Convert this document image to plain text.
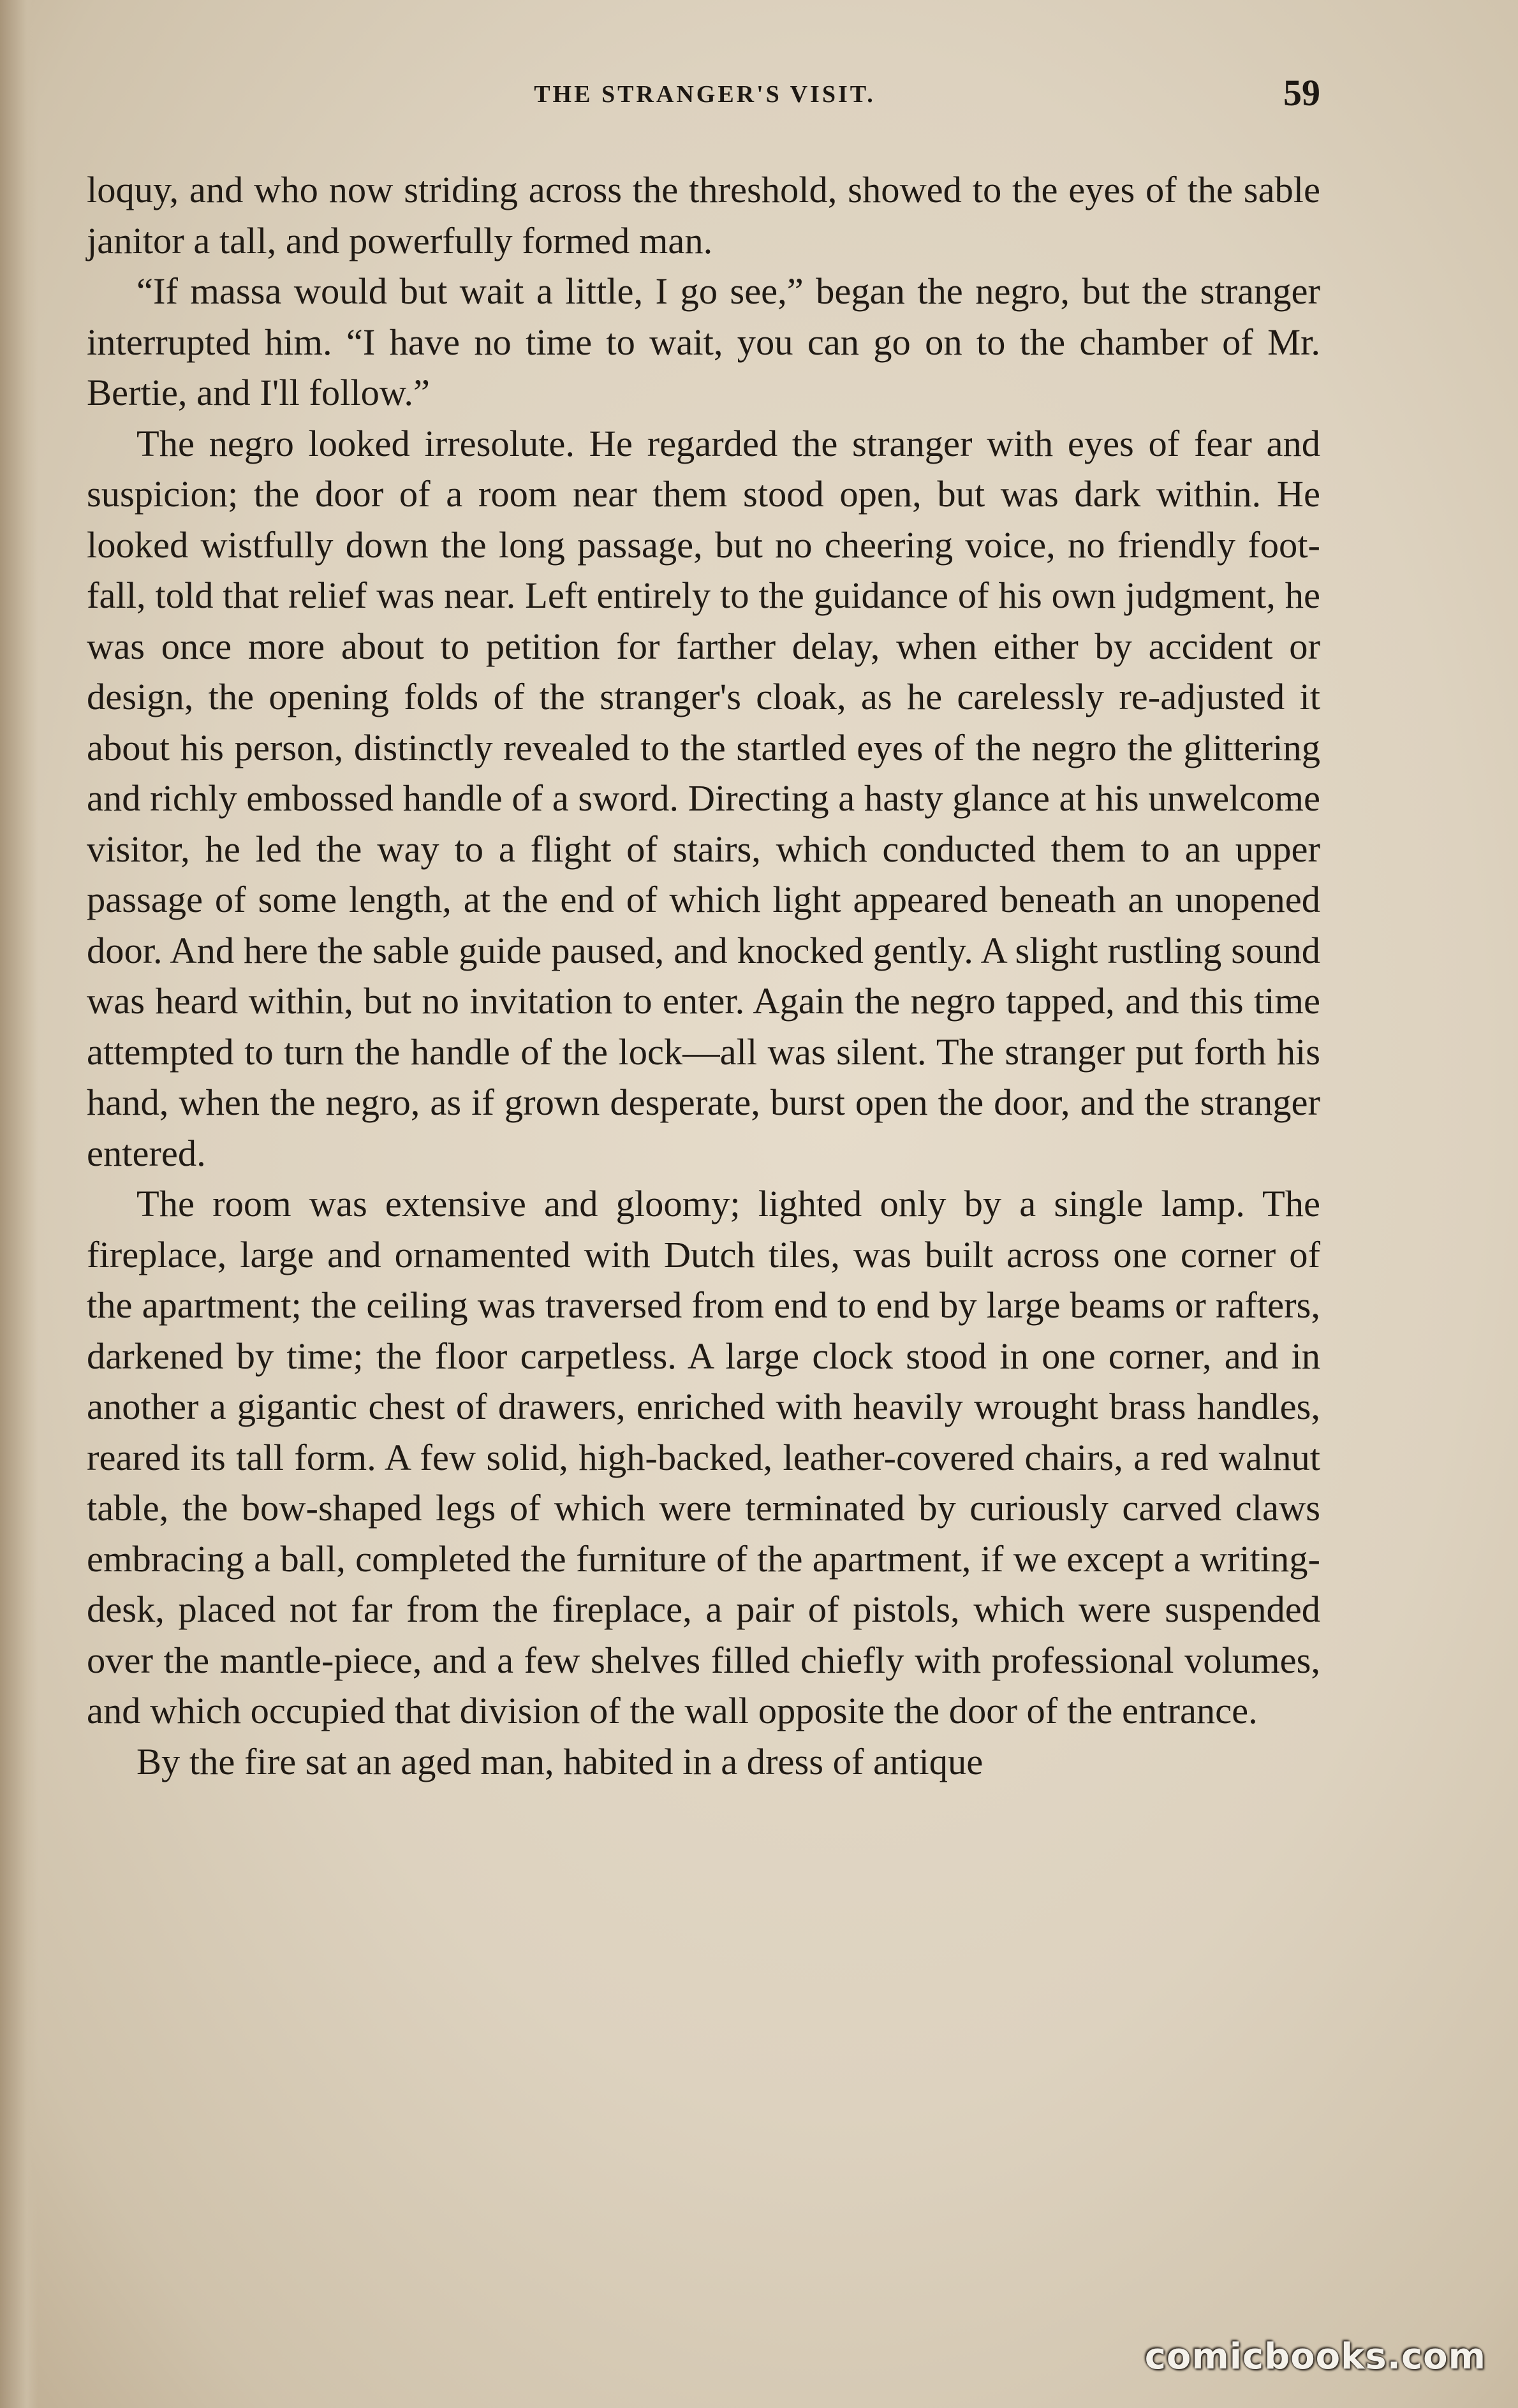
THE STRANGER'S VISIT.	59

loquy, and who now striding across the threshold, showed to the eyes of the sable janitor a tall, and powerfully formed man.

“If massa would but wait a little, I go see,” began the negro, but the stranger interrupted him. “I have no time to wait, you can go on to the chamber of Mr. Bertie, and I'll follow.”

The negro looked irresolute. He regarded the stranger with eyes of fear and suspicion; the door of a room near them stood open, but was dark within. He looked wistfully down the long passage, but no cheering voice, no friendly foot-fall, told that relief was near. Left entirely to the guidance of his own judgment, he was once more about to petition for farther delay, when either by accident or design, the opening folds of the stranger's cloak, as he carelessly re-adjusted it about his person, distinctly revealed to the startled eyes of the negro the glittering and richly embossed handle of a sword. Directing a hasty glance at his unwelcome visitor, he led the way to a flight of stairs, which conducted them to an upper passage of some length, at the end of which light appeared beneath an unopened door. And here the sable guide paused, and knocked gently. A slight rustling sound was heard within, but no invitation to enter. Again the negro tapped, and this time attempted to turn the handle of the lock—all was silent. The stranger put forth his hand, when the negro, as if grown desperate, burst open the door, and the stranger entered.

The room was extensive and gloomy; lighted only by a single lamp. The fireplace, large and ornamented with Dutch tiles, was built across one corner of the apartment; the ceiling was traversed from end to end by large beams or rafters, darkened by time; the floor carpetless. A large clock stood in one corner, and in another a gigantic chest of drawers, enriched with heavily wrought brass handles, reared its tall form. A few solid, high-backed, leather-covered chairs, a red walnut table, the bow-shaped legs of which were terminated by curiously carved claws embracing a ball, completed the furniture of the apartment, if we except a writing-desk, placed not far from the fireplace, a pair of pistols, which were suspended over the mantle-piece, and a few shelves filled chiefly with professional volumes, and which occupied that division of the wall opposite the door of the entrance.

By the fire sat an aged man, habited in a dress of antique

comicbooks.com
